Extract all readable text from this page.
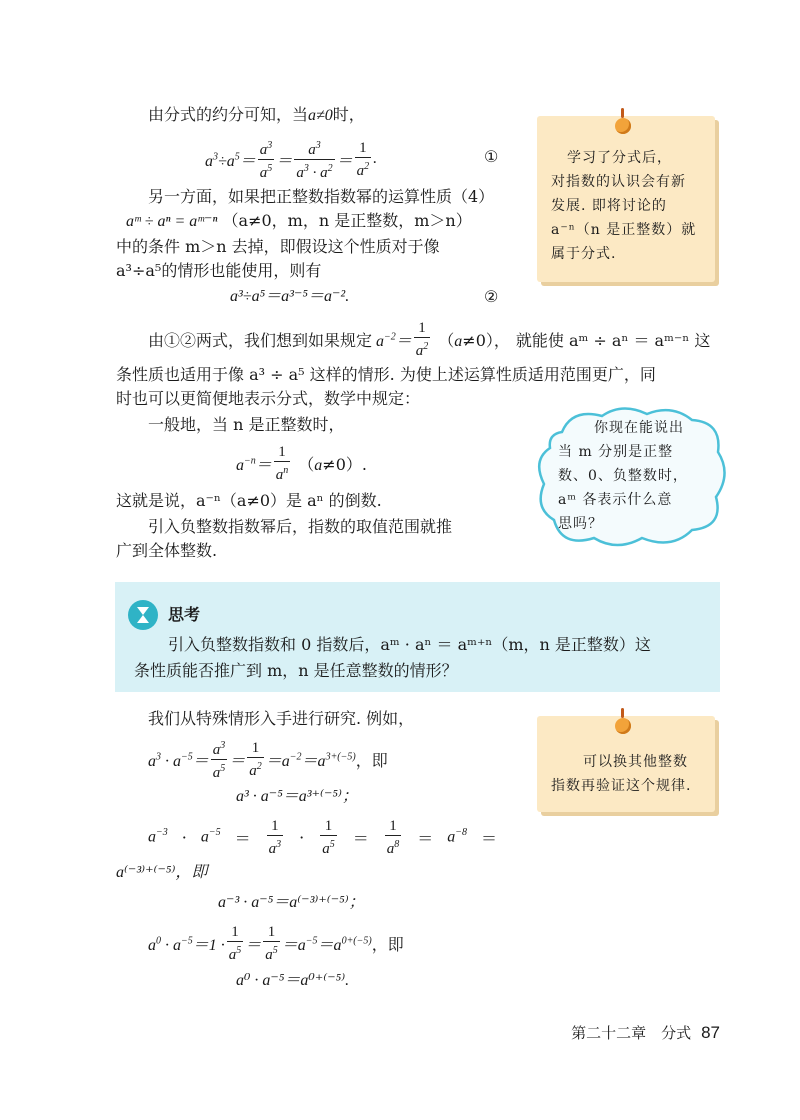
由分式的约分可知，当a≠0时，
$a^3\div a^5= \frac{a^3}{a^5} = \frac{a^3}{a^3 \cdot a^2} = \frac{1}{a^2}$ .	①
另一方面，如果把正整数指数幂的运算性质（4）
aᵐ ÷ aⁿ = aᵐ⁻ⁿ （a≠0，m，n 是正整数，m＞n）
中的条件 m＞n 去掉，即假设这个性质对于像
a³÷a⁵的情形也能使用，则有
a³÷a⁵＝a³⁻⁵＝a⁻².	②
学习了分式后，
对指数的认识会有新
发展. 即将讨论的
a⁻ⁿ（n 是正整数）就
属于分式.
由①②两式，我们想到如果规定 $a^{-2}= \frac{1}{a^2} (a\ne 0)$， 就能使 aᵐ ÷ aⁿ ＝ aᵐ⁻ⁿ 这
条性质也适用于像 a³ ÷ a⁵ 这样的情形. 为使上述运算性质适用范围更广，同
时也可以更简便地表示分式，数学中规定：
一般地，当 n 是正整数时，
$a^{-n}= \frac{1}{a^n} (a\ne 0)$.
这就是说，a⁻ⁿ（a≠0）是 aⁿ 的倒数.
引入负整数指数幂后，指数的取值范围就推
广到全体整数.
你现在能说出
当 m 分别是正整
数、0、负整数时，
aᵐ 各表示什么意
思吗？
思考
引入负整数指数和 0 指数后，aᵐ · aⁿ ＝ aᵐ⁺ⁿ（m，n 是正整数）这
条性质能否推广到 m，n 是任意整数的情形？
我们从特殊情形入手进行研究. 例如，
$a^3 \cdot a^{-5}= \frac{a^3}{a^5} = \frac{1}{a^2} =a^{-2}=a^{3+(-5)}$ ，即
a³ · a⁻⁵＝a³⁺⁽⁻⁵⁾；
$a^{-3} \cdot a^{-5} = \frac{1}{a^3} \cdot \frac{1}{a^5} = \frac{1}{a^8} = a^{-8}$ ＝
a⁽⁻³⁾⁺⁽⁻⁵⁾，即
a⁻³ · a⁻⁵＝a⁽⁻³⁾⁺⁽⁻⁵⁾；
$a^0 \cdot a^{-5}=1 \cdot \frac{1}{a^5} = \frac{1}{a^5} =a^{-5}=a^{0+(-5)}$ ，即
a⁰ · a⁻⁵＝a⁰⁺⁽⁻⁵⁾.
可以换其他整数
指数再验证这个规律.
第二十二章　分式 87
